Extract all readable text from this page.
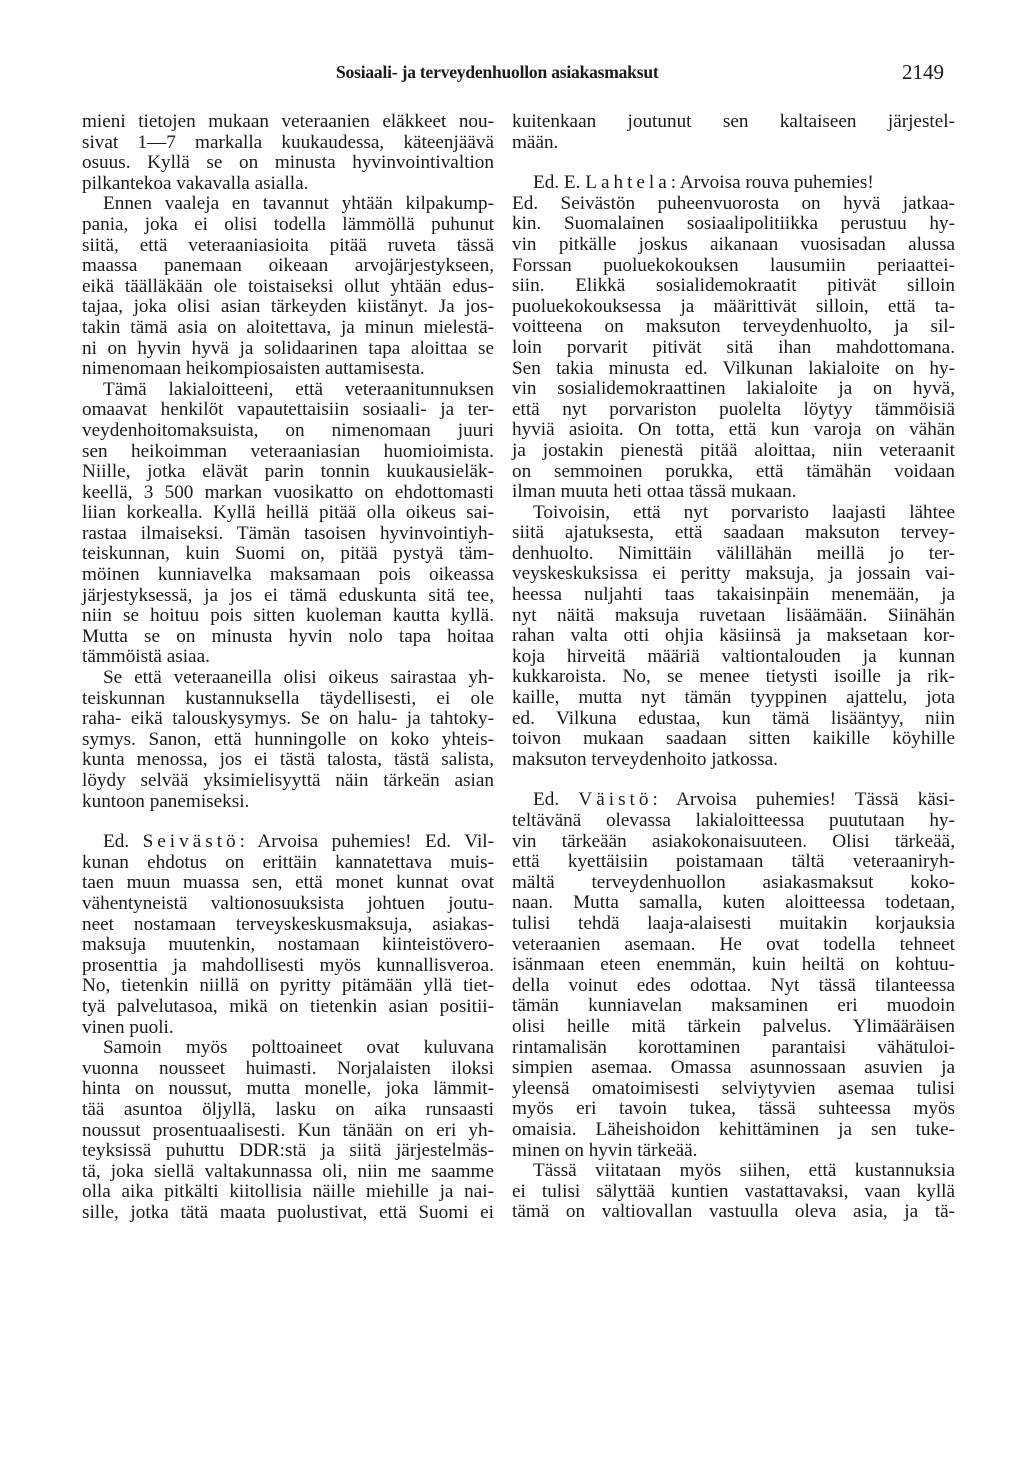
Sosiaali- ja terveydenhuollon asiakasmaksut	2149
mieni tietojen mukaan veteraanien eläkkeet nou-
sivat 1—7 markalla kuukaudessa, käteenjäävä
osuus. Kyllä se on minusta hyvinvointivaltion
pilkantekoa vakavalla asialla.
Ennen vaaleja en tavannut yhtään kilpakump-
pania, joka ei olisi todella lämmöllä puhunut
siitä, että veteraaniasioita pitää ruveta tässä
maassa panemaan oikeaan arvojärjestykseen,
eikä täälläkään ole toistaiseksi ollut yhtään edus-
tajaa, joka olisi asian tärkeyden kiistänyt. Ja jos-
takin tämä asia on aloitettava, ja minun mielestä-
ni on hyvin hyvä ja solidaarinen tapa aloittaa se
nimenomaan heikompiosaisten auttamisesta.
Tämä lakialoitteeni, että veteraanitunnuksen
omaavat henkilöt vapautettaisiin sosiaali- ja ter-
veydenhoitomaksuista, on nimenomaan juuri
sen heikoimman veteraaniasian huomioimista.
Niille, jotka elävät parin tonnin kuukausieläk-
keellä, 3 500 markan vuosikatto on ehdottomasti
liian korkealla. Kyllä heillä pitää olla oikeus sai-
rastaa ilmaiseksi. Tämän tasoisen hyvinvointiyh-
teiskunnan, kuin Suomi on, pitää pystyä täm-
möinen kunniavelka maksamaan pois oikeassa
järjestyksessä, ja jos ei tämä eduskunta sitä tee,
niin se hoituu pois sitten kuoleman kautta kyllä.
Mutta se on minusta hyvin nolo tapa hoitaa
tämmöistä asiaa.
Se että veteraaneilla olisi oikeus sairastaa yh-
teiskunnan kustannuksella täydellisesti, ei ole
raha- eikä talouskysymys. Se on halu- ja tahtoky-
symys. Sanon, että hunningolle on koko yhteis-
kunta menossa, jos ei tästä talosta, tästä salista,
löydy selvää yksimielisyyttä näin tärkeän asian
kuntoon panemiseksi.
Ed. Seivästö: Arvoisa puhemies! Ed. Vil-
kunan ehdotus on erittäin kannatettava muis-
taen muun muassa sen, että monet kunnat ovat
vähentyneistä valtionosuuksista johtuen joutu-
neet nostamaan terveyskeskusmaksuja, asiakas-
maksuja muutenkin, nostamaan kiinteistövero-
prosenttia ja mahdollisesti myös kunnallisveroa.
No, tietenkin niillä on pyritty pitämään yllä tiet-
tyä palvelutasoa, mikä on tietenkin asian positii-
vinen puoli.
Samoin myös polttoaineet ovat kuluvana
vuonna nousseet huimasti. Norjalaisten iloksi
hinta on noussut, mutta monelle, joka lämmit-
tää asuntoa öljyllä, lasku on aika runsaasti
noussut prosentuaalisesti. Kun tänään on eri yh-
teyksissä puhuttu DDR:stä ja siitä järjestelmäs-
tä, joka siellä valtakunnassa oli, niin me saamme
olla aika pitkälti kiitollisia näille miehille ja nai-
sille, jotka tätä maata puolustivat, että Suomi ei
kuitenkaan joutunut sen kaltaiseen järjestel-
mään.
Ed. E. Lahtela: Arvoisa rouva puhemies!
Ed. Seivästön puheenvuorosta on hyvä jatkaa-
kin. Suomalainen sosiaalipolitiikka perustuu hy-
vin pitkälle joskus aikanaan vuosisadan alussa
Forssan puoluekokouksen lausumiin periaattei-
siin. Elikkä sosialidemokraatit pitivät silloin
puoluekokouksessa ja määrittivät silloin, että ta-
voitteena on maksuton terveydenhuolto, ja sil-
loin porvarit pitivät sitä ihan mahdottomana.
Sen takia minusta ed. Vilkunan lakialoite on hy-
vin sosialidemokraattinen lakialoite ja on hyvä,
että nyt porvariston puolelta löytyy tämmöisiä
hyviä asioita. On totta, että kun varoja on vähän
ja jostakin pienestä pitää aloittaa, niin veteraanit
on semmoinen porukka, että tämähän voidaan
ilman muuta heti ottaa tässä mukaan.
Toivoisin, että nyt porvaristo laajasti lähtee
siitä ajatuksesta, että saadaan maksuton tervey-
denhuolto. Nimittäin välillähän meillä jo ter-
veyskeskuksissa ei peritty maksuja, ja jossain vai-
heessa nuljahti taas takaisinpäin menemään, ja
nyt näitä maksuja ruvetaan lisäämään. Siinähän
rahan valta otti ohjia käsiinsä ja maksetaan kor-
koja hirveitä määriä valtiontalouden ja kunnan
kukkaroista. No, se menee tietysti isoille ja rik-
kaille, mutta nyt tämän tyyppinen ajattelu, jota
ed. Vilkuna edustaa, kun tämä lisääntyy, niin
toivon mukaan saadaan sitten kaikille köyhille
maksuton terveydenhoito jatkossa.
Ed. Väistö: Arvoisa puhemies! Tässä käsi-
teltävänä olevassa lakialoitteessa puututaan hy-
vin tärkeään asiakokonaisuuteen. Olisi tärkeää,
että kyettäisiin poistamaan tältä veteraaniryh-
mältä terveydenhuollon asiakasmaksut koko-
naan. Mutta samalla, kuten aloitteessa todetaan,
tulisi tehdä laaja-alaisesti muitakin korjauksia
veteraanien asemaan. He ovat todella tehneet
isänmaan eteen enemmän, kuin heiltä on kohtuu-
della voinut edes odottaa. Nyt tässä tilanteessa
tämän kunniavelan maksaminen eri muodoin
olisi heille mitä tärkein palvelus. Ylimääräisen
rintamalisän korottaminen parantaisi vähätuloi-
simpien asemaa. Omassa asunnossaan asuvien ja
yleensä omatoimisesti selviytyvien asemaa tulisi
myös eri tavoin tukea, tässä suhteessa myös
omaisia. Läheishoidon kehittäminen ja sen tuke-
minen on hyvin tärkeää.
Tässä viitataan myös siihen, että kustannuksia
ei tulisi sälyttää kuntien vastattavaksi, vaan kyllä
tämä on valtiovallan vastuulla oleva asia, ja tä-
